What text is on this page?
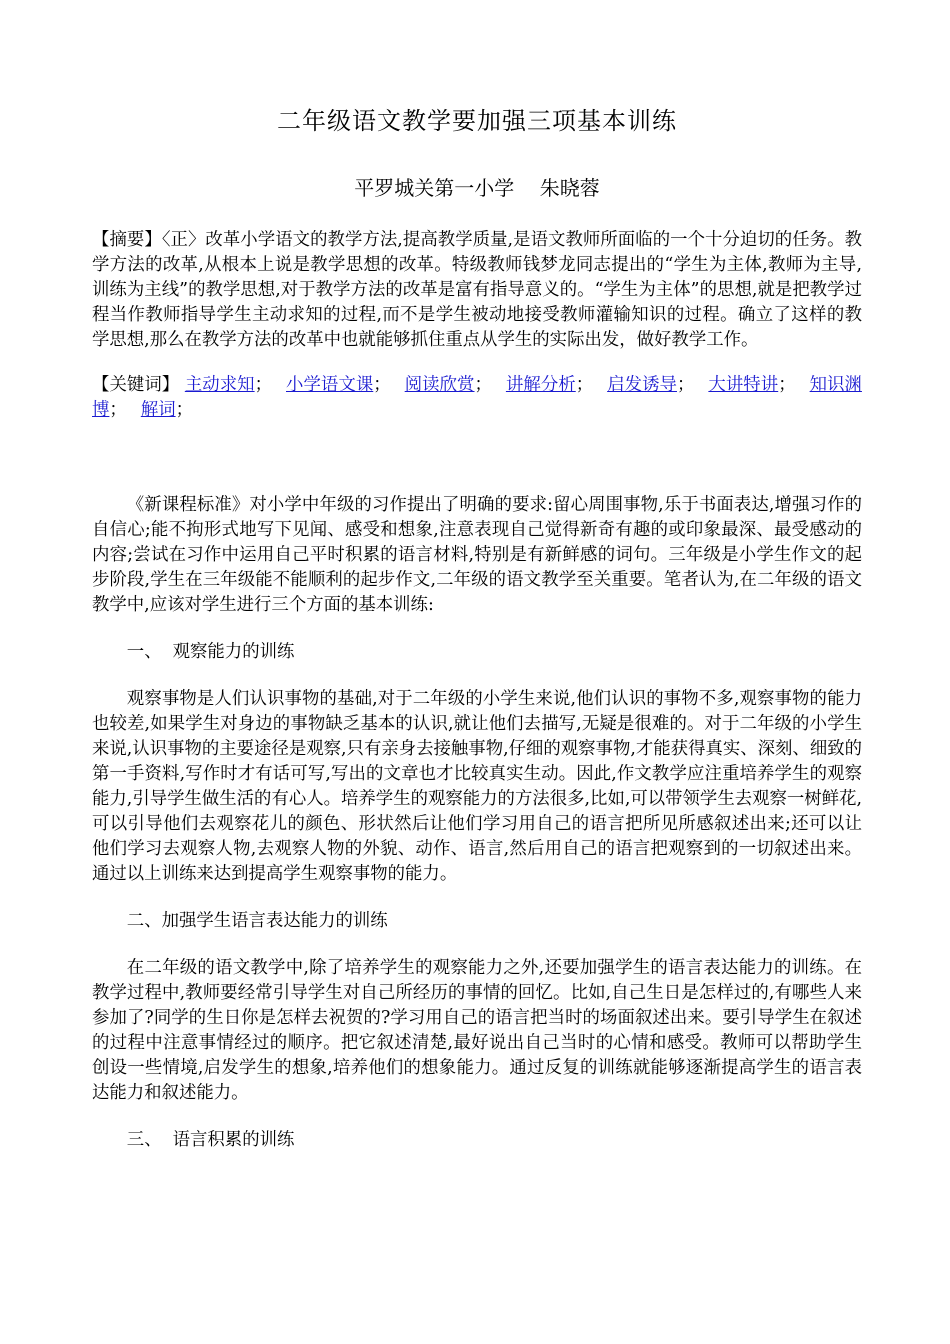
二年级语文教学要加强三项基本训练
平罗城关第一小学    朱晓蓉

【摘要】〈正〉改革小学语文的教学方法,提高教学质量,是语文教师所面临的一个十分迫切的任务。教学方法的改革,从根本上说是教学思想的改革。特级教师钱梦龙同志提出的“学生为主体,教师为主导,训练为主线”的教学思想,对于教学方法的改革是富有指导意义的。“学生为主体”的思想,就是把教学过程当作教师指导学生主动求知的过程,而不是学生被动地接受教师灌输知识的过程。确立了这样的教学思想,那么在教学方法的改革中也就能够抓住重点从学生的实际出发，做好教学工作。

【关键词】 主动求知； 小学语文课； 阅读欣赏； 讲解分析； 启发诱导； 大讲特讲； 知识渊博； 解词；

《新课程标准》对小学中年级的习作提出了明确的要求:留心周围事物,乐于书面表达,增强习作的自信心;能不拘形式地写下见闻、感受和想象,注意表现自己觉得新奇有趣的或印象最深、最受感动的内容;尝试在习作中运用自己平时积累的语言材料,特别是有新鲜感的词句。三年级是小学生作文的起步阶段,学生在三年级能不能顺利的起步作文,二年级的语文教学至关重要。笔者认为,在二年级的语文教学中,应该对学生进行三个方面的基本训练:

一、  观察能力的训练

观察事物是人们认识事物的基础,对于二年级的小学生来说,他们认识的事物不多,观察事物的能力也较差,如果学生对身边的事物缺乏基本的认识,就让他们去描写,无疑是很难的。对于二年级的小学生来说,认识事物的主要途径是观察,只有亲身去接触事物,仔细的观察事物,才能获得真实、深刻、细致的第一手资料,写作时才有话可写,写出的文章也才比较真实生动。因此,作文教学应注重培养学生的观察能力,引导学生做生活的有心人。培养学生的观察能力的方法很多,比如,可以带领学生去观察一树鲜花,可以引导他们去观察花儿的颜色、形状然后让他们学习用自己的语言把所见所感叙述出来;还可以让他们学习去观察人物,去观察人物的外貌、动作、语言,然后用自己的语言把观察到的一切叙述出来。通过以上训练来达到提高学生观察事物的能力。

二、加强学生语言表达能力的训练

在二年级的语文教学中,除了培养学生的观察能力之外,还要加强学生的语言表达能力的训练。在教学过程中,教师要经常引导学生对自己所经历的事情的回忆。比如,自己生日是怎样过的,有哪些人来参加了?同学的生日你是怎样去祝贺的?学习用自己的语言把当时的场面叙述出来。要引导学生在叙述的过程中注意事情经过的顺序。把它叙述清楚,最好说出自己当时的心情和感受。教师可以帮助学生创设一些情境,启发学生的想象,培养他们的想象能力。通过反复的训练就能够逐渐提高学生的语言表达能力和叙述能力。

三、  语言积累的训练
